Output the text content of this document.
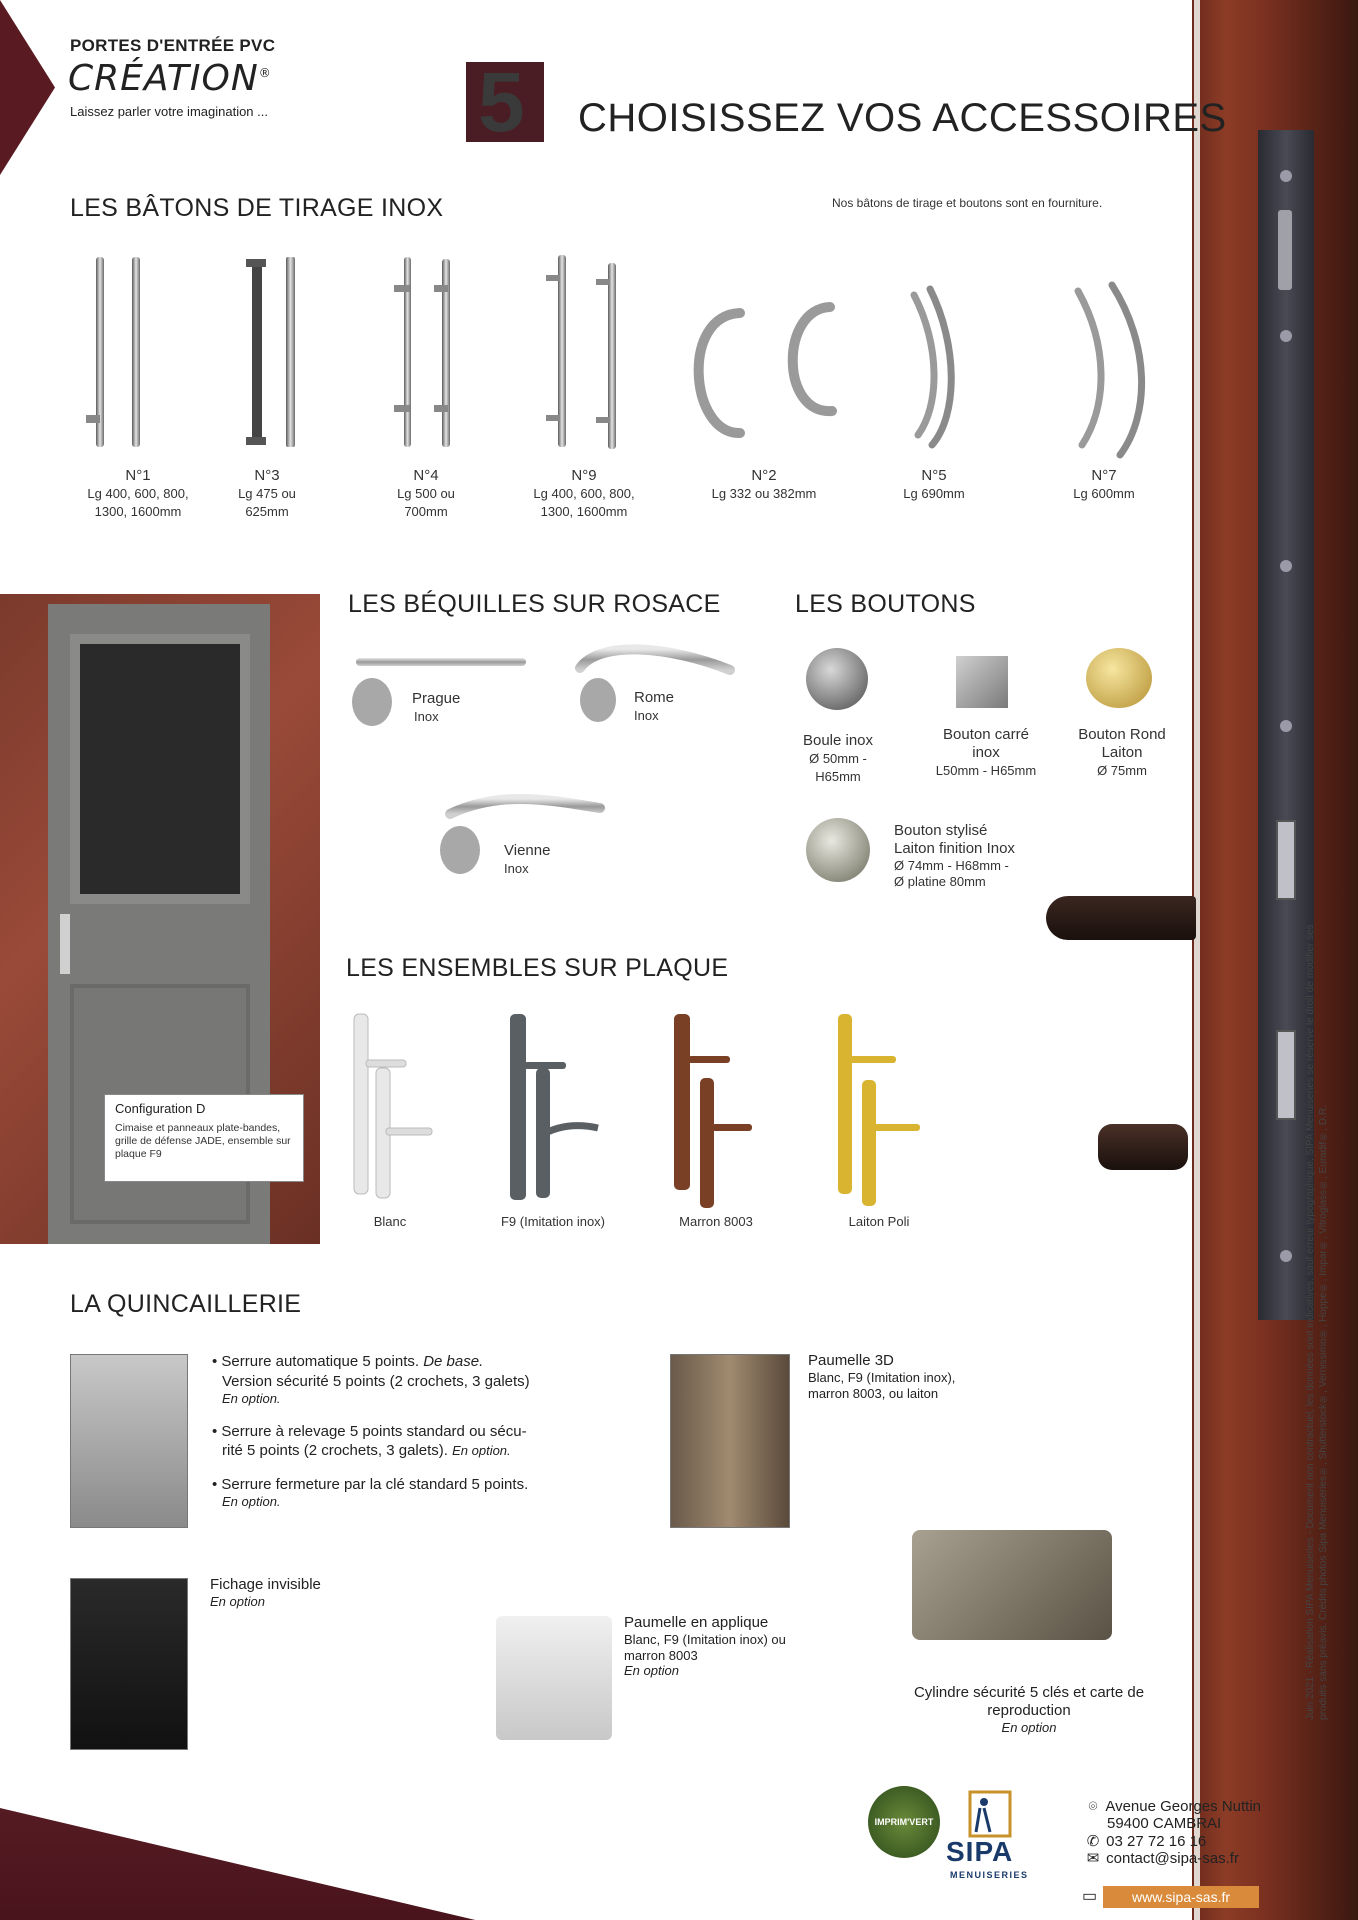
Juin 2021 - Réalisation SIPA Menuiseries - Document non contractuel, les données sont indicatives, sauf erreur typographique, SIPA Menuiseries se réserve le droit de modifier ses produits sans préavis. Crédits photos Sipa Menuiseries®, Shutterstock®, Vernissimo®, Hoppe®, Impar®, Vitroglass®, Euradif®, D.R.
PORTES D'ENTRÉE PVC
CRÉATION®
Laissez parler votre imagination ...	5 CHOISISSEZ VOS ACCESSOIRES
LES BÂTONS DE TIRAGE INOX	Nos bâtons de tirage et boutons sont en fourniture.
N°1
Lg 400, 600, 800, 1300, 1600mm
N°3
Lg 475 ou 625mm
N°4
Lg 500 ou 700mm
N°9
Lg 400, 600, 800, 1300, 1600mm
N°2
Lg 332 ou 382mm
N°5
Lg 690mm
N°7
Lg 600mm
Configuration D
Cimaise et panneaux plate-bandes, grille de défense JADE, ensemble sur plaque F9
LES BÉQUILLES SUR ROSACE
Prague
Inox
Rome
Inox
Vienne
Inox
LES BOUTONS
Boule inox
Ø 50mm - H65mm
Bouton carré inox
L50mm - H65mm
Bouton Rond Laiton
Ø 75mm
Bouton stylisé
Laiton finition Inox
Ø 74mm - H68mm -
Ø platine 80mm
LES ENSEMBLES SUR PLAQUE
Blanc	F9 (Imitation inox)	Marron 8003	Laiton Poli
LA QUINCAILLERIE
• Serrure automatique 5 points. De base.
Version sécurité 5 points (2 crochets, 3 galets)
En option.
• Serrure à relevage 5 points standard ou sécu-
rité 5 points (2 crochets, 3 galets). En option.
• Serrure fermeture par la clé standard 5 points.
En option.
Paumelle 3D
Blanc, F9 (Imitation inox), marron 8003, ou laiton
Fichage invisible
En option
Paumelle en applique
Blanc, F9 (Imitation inox) ou marron 8003
En option
Cylindre sécurité 5 clés et carte de reproduction
En option
IMPRIM'VERT
SIPA
MENUISERIES
⌾ Avenue Georges Nuttin
59400 CAMBRAI
✆ 03 27 72 16 16
✉ contact@sipa-sas.fr
▭	www.sipa-sas.fr
